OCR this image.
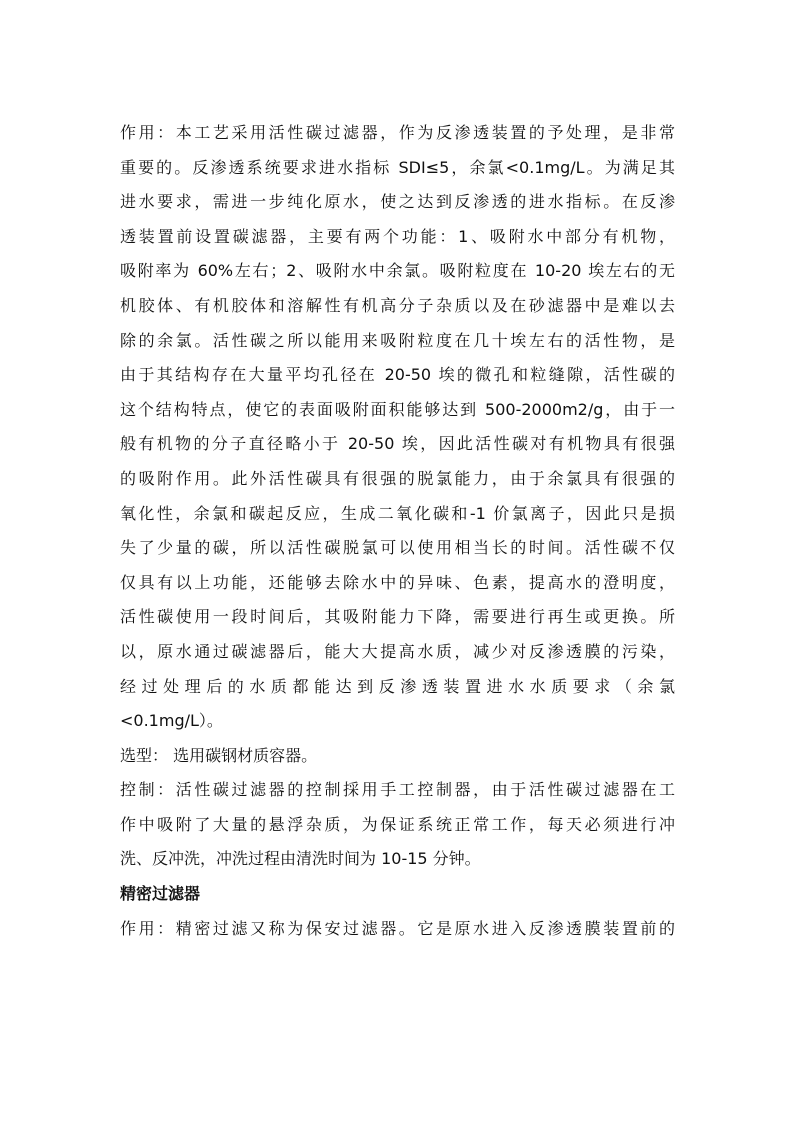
作用：本工艺采用活性碳过滤器，作为反渗透装置的予处理，是非常
重要的。反渗透系统要求进水指标 SDI≤5，余氯<0.1mg/L。为满足其
进水要求，需进一步纯化原水，使之达到反渗透的进水指标。在反渗
透装置前设置碳滤器，主要有两个功能：1、吸附水中部分有机物，
吸附率为 60%左右；2、吸附水中余氯。吸附粒度在 10-20 埃左右的无
机胶体、有机胶体和溶解性有机高分子杂质以及在砂滤器中是难以去
除的余氯。活性碳之所以能用来吸附粒度在几十埃左右的活性物，是
由于其结构存在大量平均孔径在 20-50 埃的微孔和粒缝隙，活性碳的
这个结构特点，使它的表面吸附面积能够达到 500-2000m2/g，由于一
般有机物的分子直径略小于 20-50 埃，因此活性碳对有机物具有很强
的吸附作用。此外活性碳具有很强的脱氯能力，由于余氯具有很强的
氧化性，余氯和碳起反应，生成二氧化碳和-1 价氯离子，因此只是损
失了少量的碳，所以活性碳脱氯可以使用相当长的时间。活性碳不仅
仅具有以上功能，还能够去除水中的异味、色素，提高水的澄明度，
活性碳使用一段时间后，其吸附能力下降，需要进行再生或更换。所
以，原水通过碳滤器后，能大大提高水质，减少对反渗透膜的污染，
经过处理后的水质都能达到反渗透装置进水水质要求（余氯
<0.1mg/L）。
选型： 选用碳钢材质容器。
控制：活性碳过滤器的控制採用手工控制器，由于活性碳过滤器在工
作中吸附了大量的悬浮杂质，为保证系统正常工作，每天必须进行冲
洗、反冲洗，冲洗过程由清洗时间为 10-15 分钟。
精密过滤器
作用：精密过滤又称为保安过滤器。它是原水进入反渗透膜装置前的
